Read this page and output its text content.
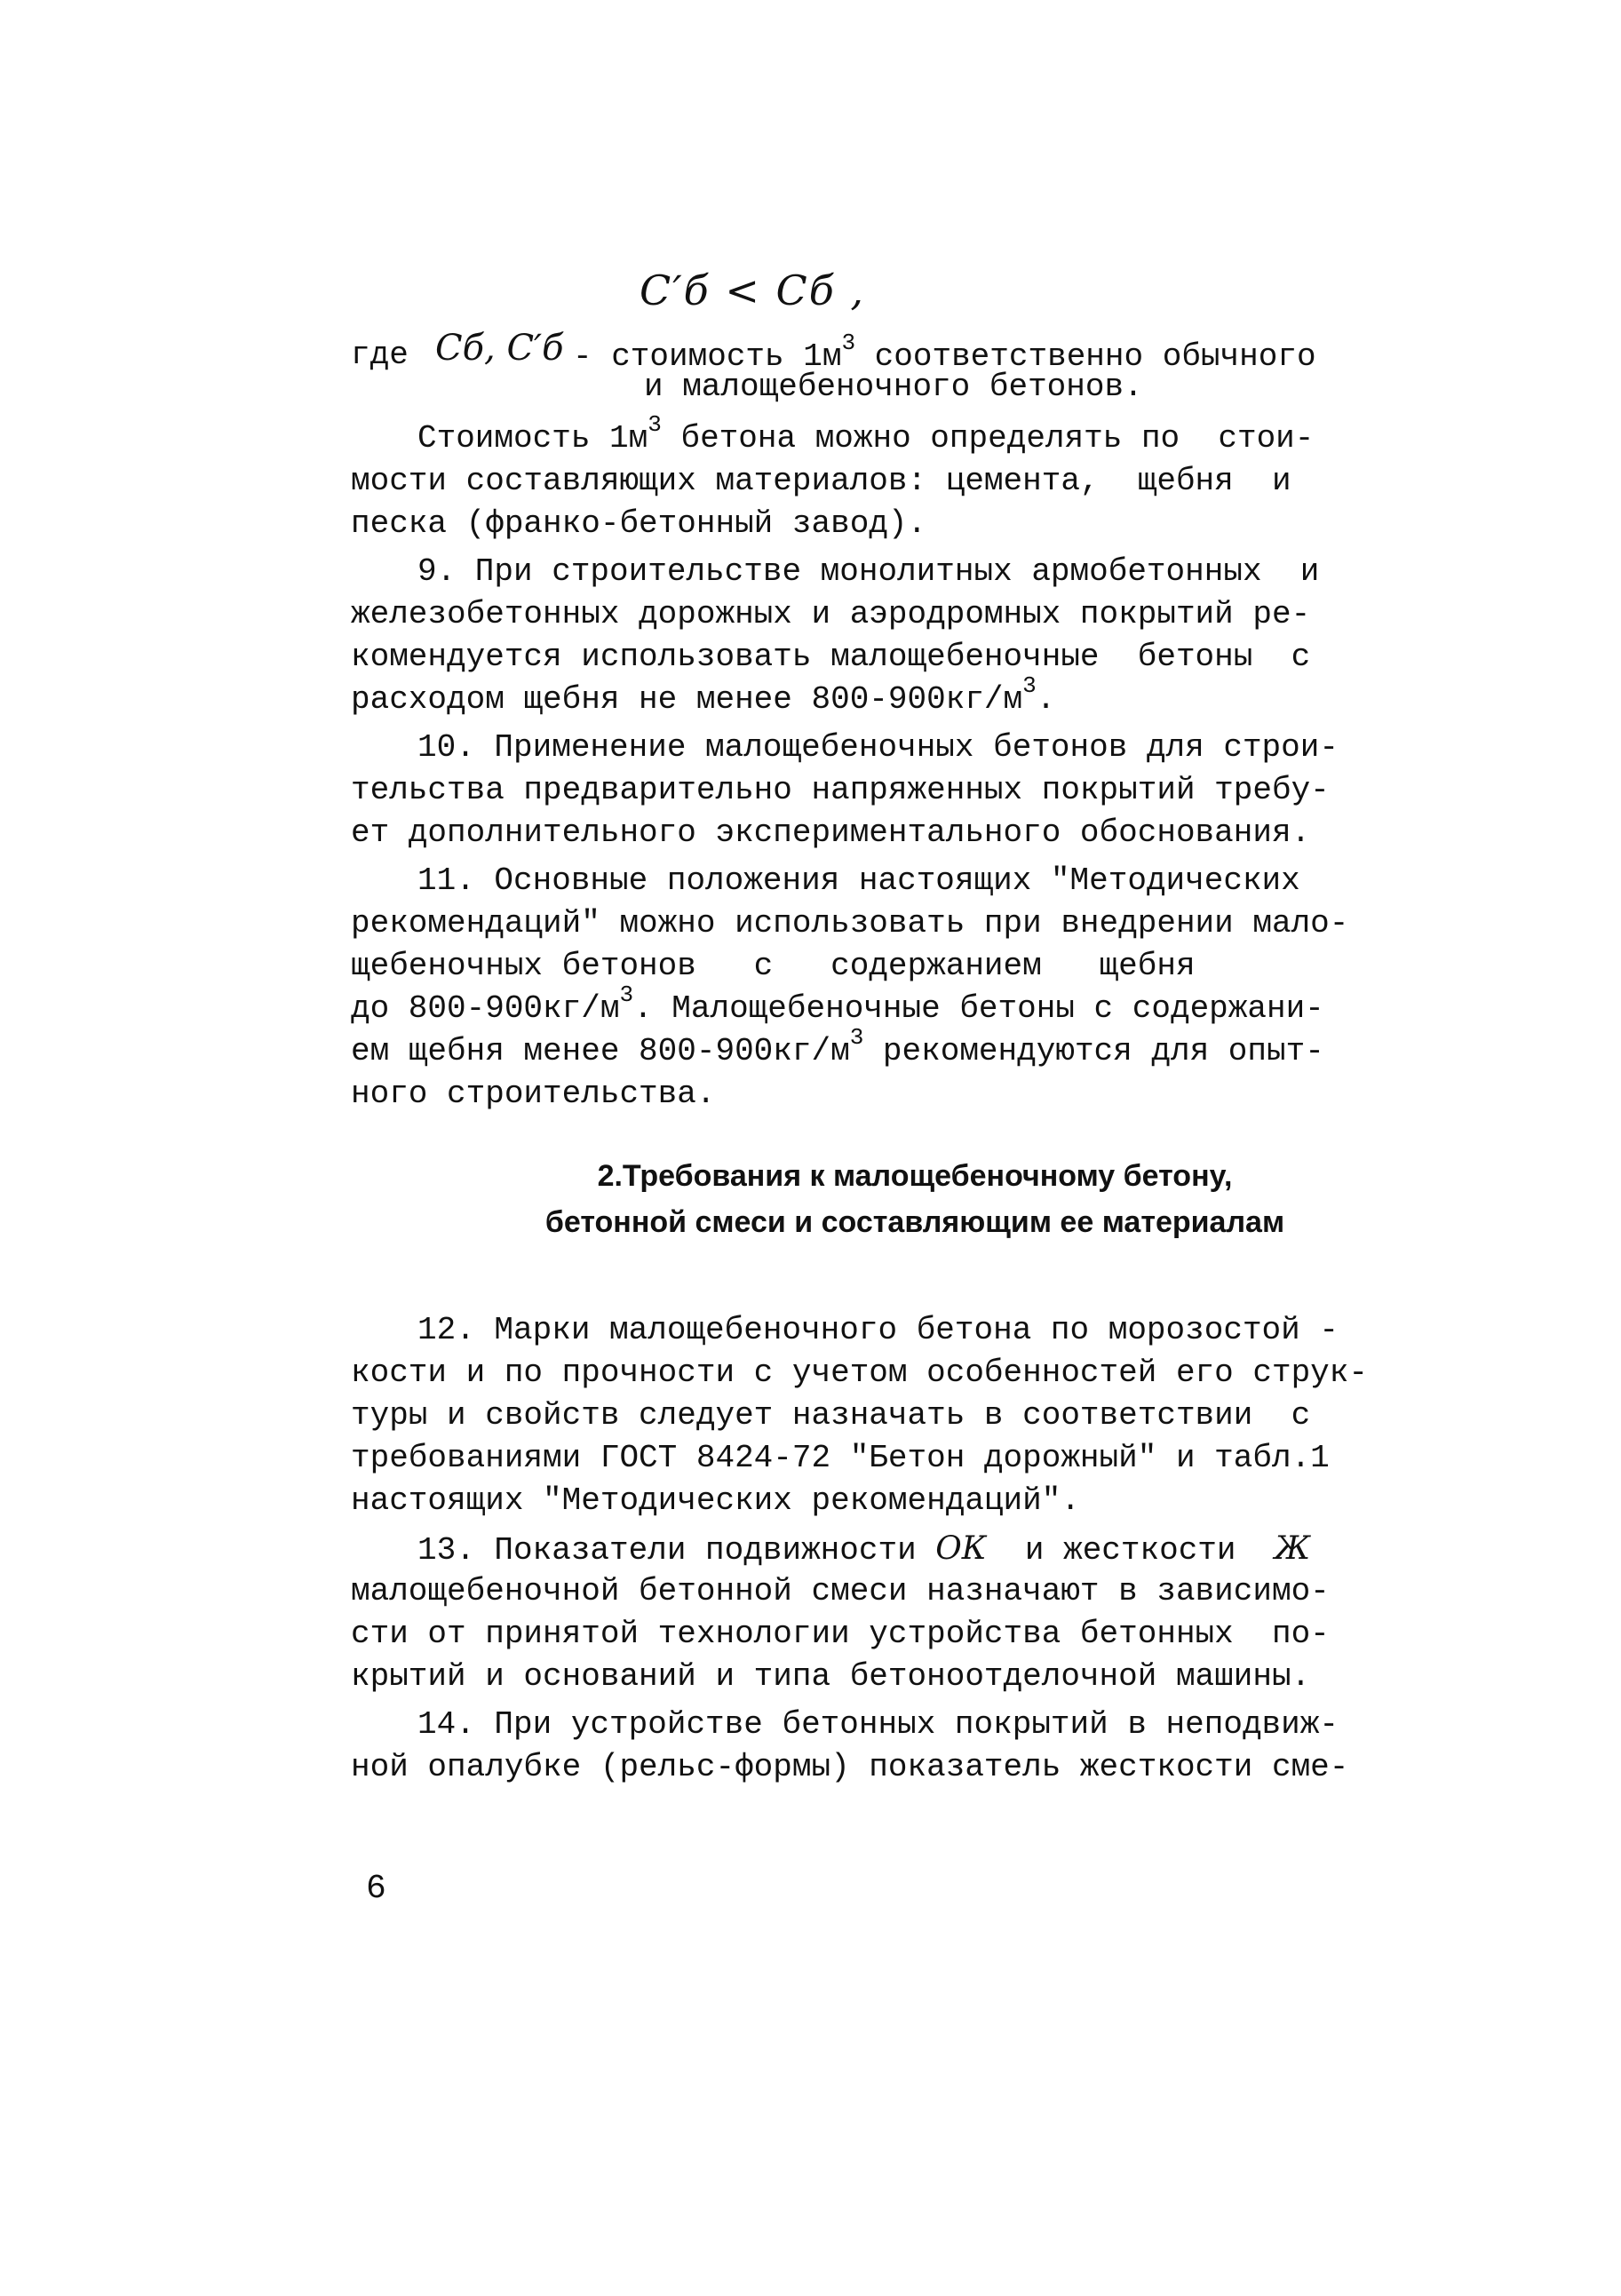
C′б < Cб ,
где Cб, C′б - стоимость $1м^3$ соответственно обычного
и малощебеночного бетонов.
Стоимость $1м^3$ бетона можно определять по  стои-
мости составляющих материалов: цемента,  щебня  и
песка (франко-бетонный завод).
9. При строительстве монолитных армобетонных  и
железобетонных дорожных и аэродромных покрытий ре-
комендуется использовать малощебеночные  бетоны  с
расходом щебня не менее $800-900кг/м^3$.
10. Применение малощебеночных бетонов для строи-
тельства предварительно напряженных покрытий требу-
ет дополнительного экспериментального обоснования.
11. Основные положения настоящих "Методических
рекомендаций" можно использовать при внедрении мало-
щебеночных бетонов   с   содержанием   щебня
до $800-900кг/м^3$. Малощебеночные бетоны с содержани-
ем щебня менее $800-900кг/м^3$ рекомендуются для опыт-
ного строительства.
2.Требования к малощебеночному бетону,
бетонной смеси и составляющим ее материалам
12. Марки малощебеночного бетона по морозостой -
кости и по прочности с учетом особенностей его струк-
туры и свойств следует назначать в соответствии  с
требованиями ГОСТ 8424-72 "Бетон дорожный" и табл.1
настоящих "Методических рекомендаций".
13. Показатели подвижности ОК  и жесткости  Ж
малощебеночной бетонной смеси назначают в зависимо-
сти от принятой технологии устройства бетонных  по-
крытий и оснований и типа бетоноотделочной машины.
14. При устройстве бетонных покрытий в неподвиж-
ной опалубке (рельс-формы) показатель жесткости сме-
6
